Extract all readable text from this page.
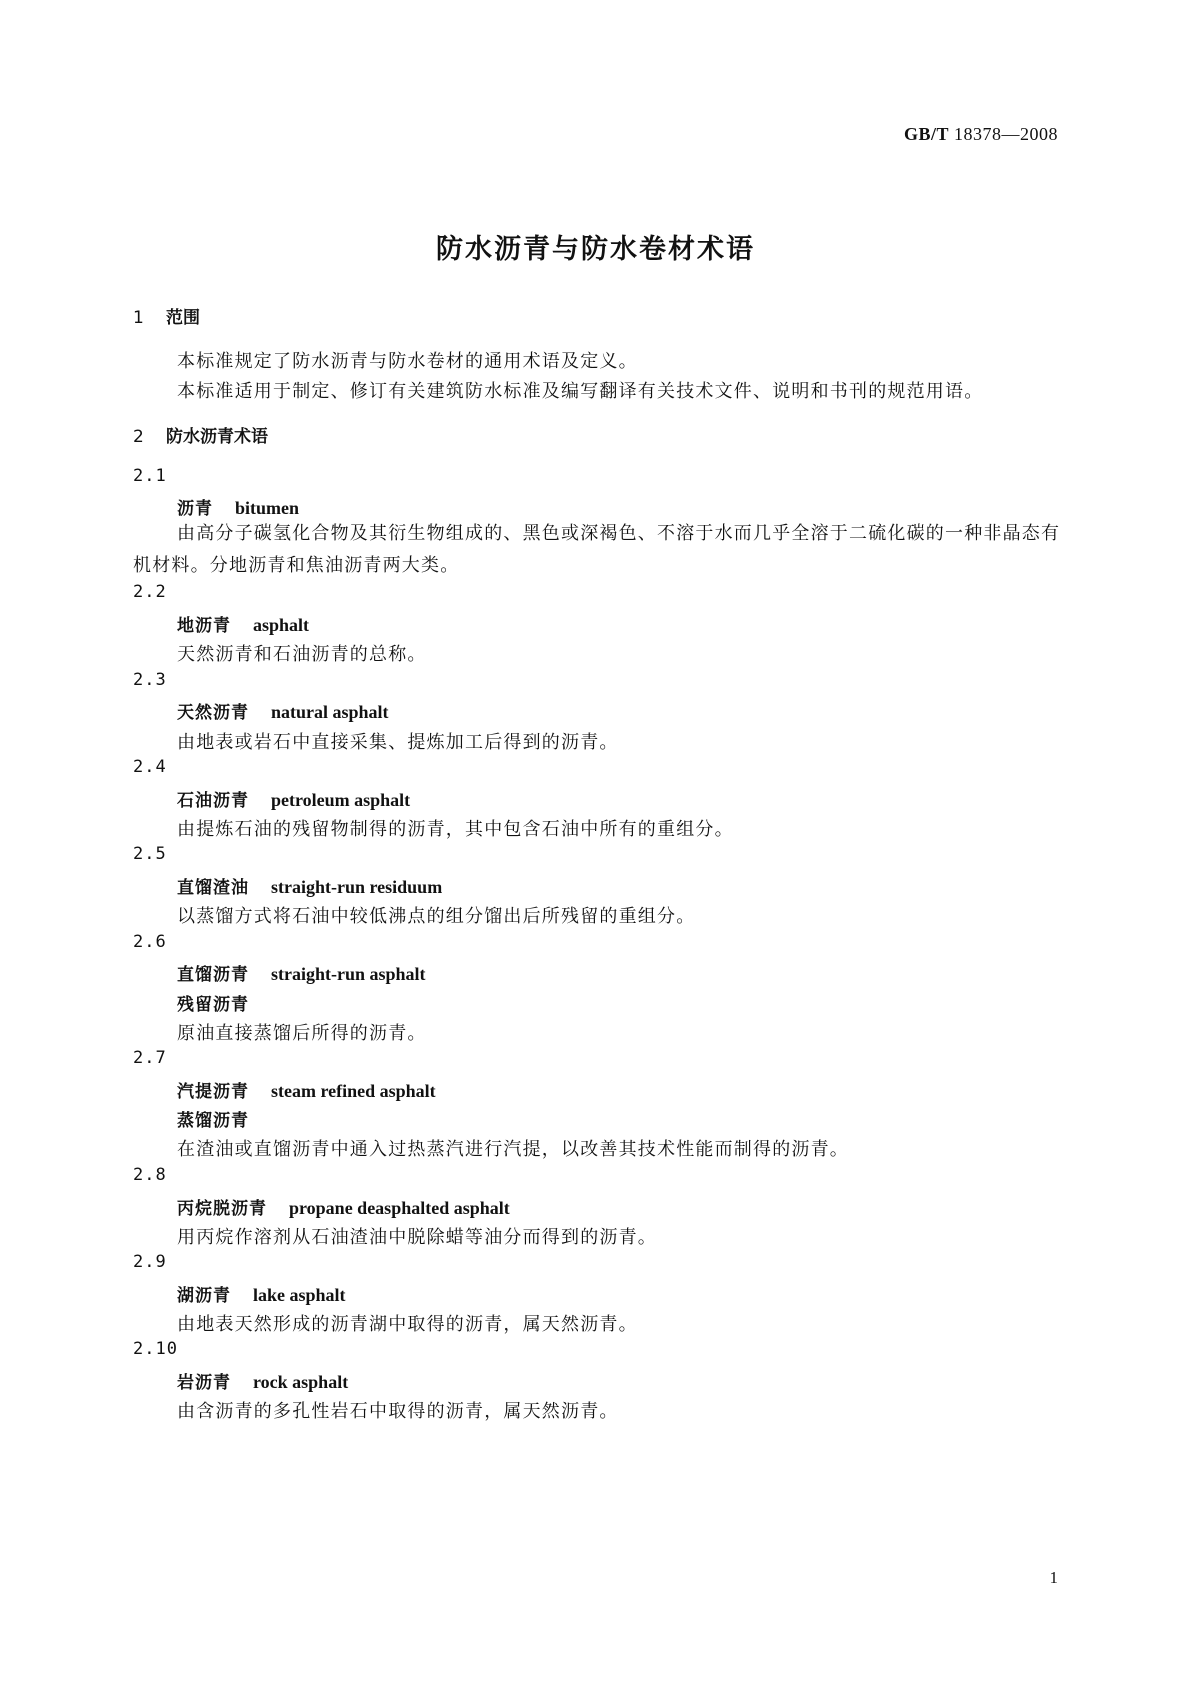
GB/T 18378—2008
防水沥青与防水卷材术语
1 范围
本标准规定了防水沥青与防水卷材的通用术语及定义。
本标准适用于制定、修订有关建筑防水标准及编写翻译有关技术文件、说明和书刊的规范用语。
2 防水沥青术语
2.1
沥青 bitumen
由高分子碳氢化合物及其衍生物组成的、黑色或深褐色、不溶于水而几乎全溶于二硫化碳的一种非晶态有机材料。分地沥青和焦油沥青两大类。
2.2
地沥青 asphalt
天然沥青和石油沥青的总称。
2.3
天然沥青 natural asphalt
由地表或岩石中直接采集、提炼加工后得到的沥青。
2.4
石油沥青 petroleum asphalt
由提炼石油的残留物制得的沥青，其中包含石油中所有的重组分。
2.5
直馏渣油 straight-run residuum
以蒸馏方式将石油中较低沸点的组分馏出后所残留的重组分。
2.6
直馏沥青 straight-run asphalt
残留沥青
原油直接蒸馏后所得的沥青。
2.7
汽提沥青 steam refined asphalt
蒸馏沥青
在渣油或直馏沥青中通入过热蒸汽进行汽提，以改善其技术性能而制得的沥青。
2.8
丙烷脱沥青 propane deasphalted asphalt
用丙烷作溶剂从石油渣油中脱除蜡等油分而得到的沥青。
2.9
湖沥青 lake asphalt
由地表天然形成的沥青湖中取得的沥青，属天然沥青。
2.10
岩沥青 rock asphalt
由含沥青的多孔性岩石中取得的沥青，属天然沥青。
1
